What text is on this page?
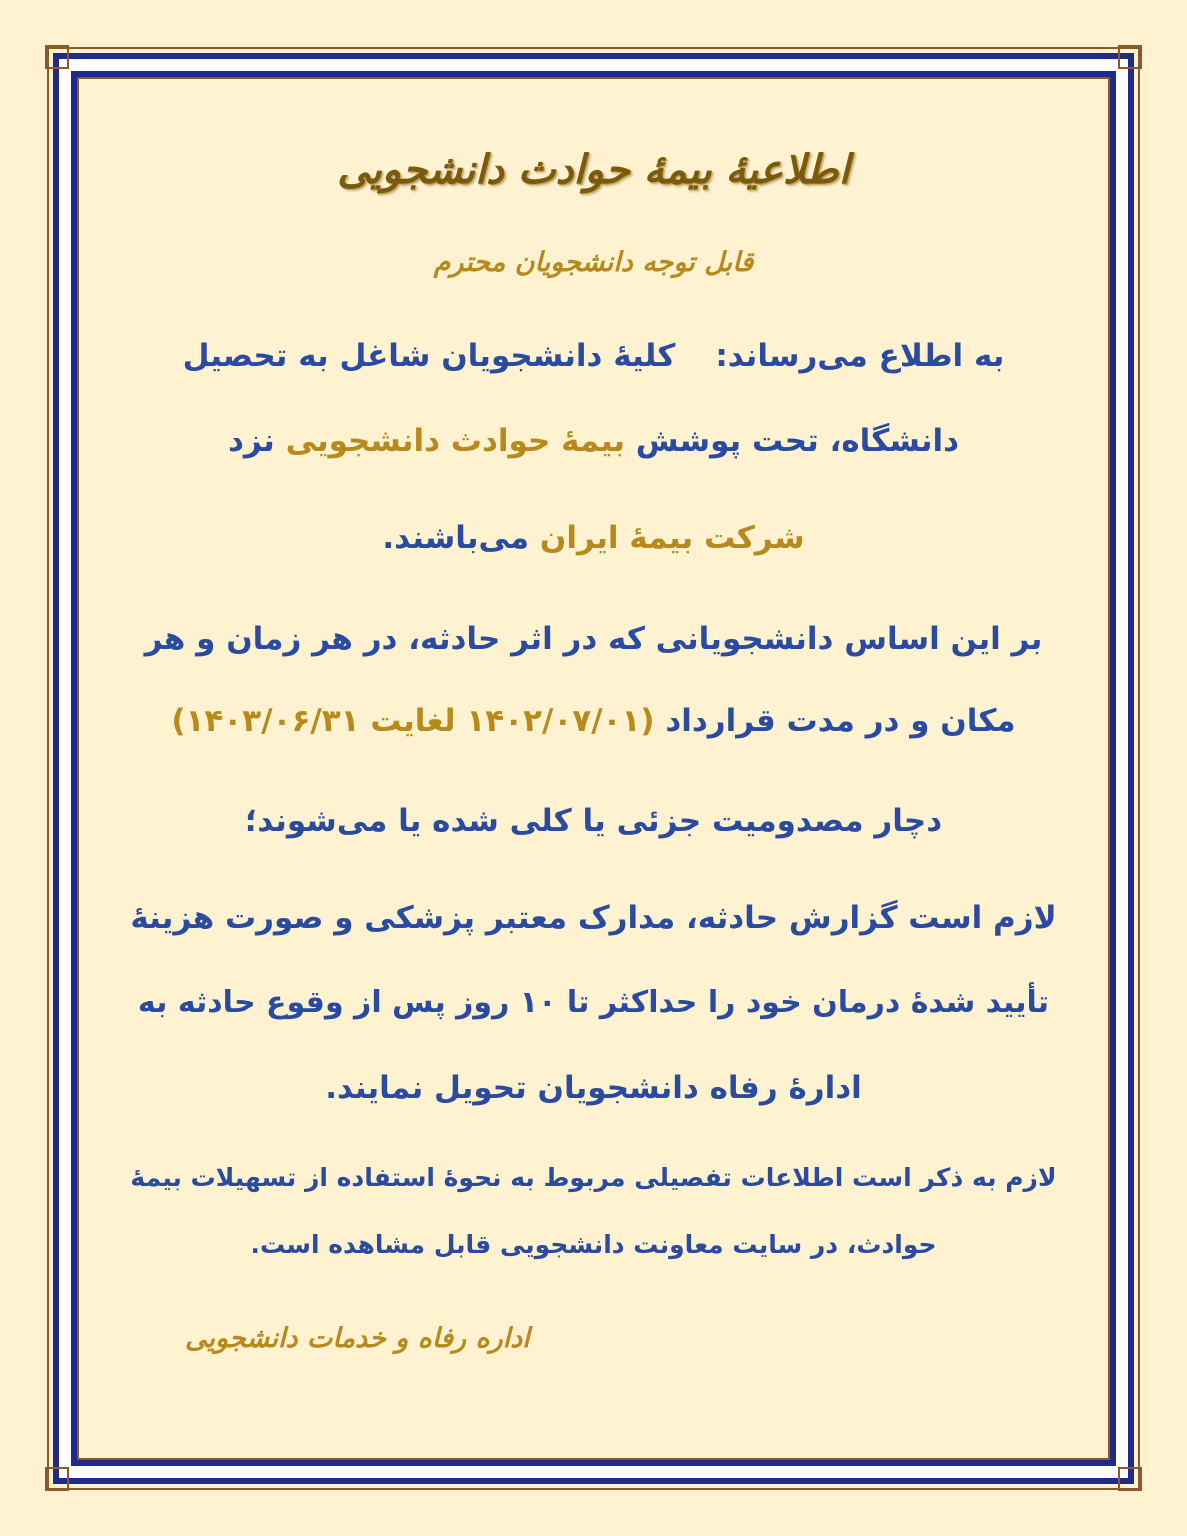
اطلاعیۀ بیمۀ حوادث دانشجویی
قابل توجه دانشجویان محترم
به اطلاع می‌رساند:کلیۀ دانشجویان شاغل به تحصیل
دانشگاه، تحت پوشش بیمۀ حوادث دانشجویی نزد
شرکت بیمۀ ایران می‌باشند.
بر این اساس دانشجویانی که در اثر حادثه، در هر زمان و هر
مکان و در مدت قرارداد (۱۴۰۲/۰۷/۰۱ لغایت ۱۴۰۳/۰۶/۳۱)
دچار مصدومیت جزئی یا کلی شده یا می‌شوند؛
لازم است گزارش حادثه، مدارک معتبر پزشکی و صورت هزینۀ
تأیید شدۀ درمان خود را حداکثر تا ۱۰ روز پس از وقوع حادثه به
ادارۀ رفاه دانشجویان تحویل نمایند.
لازم به ذکر است اطلاعات تفصیلی مربوط به نحوۀ استفاده از تسهیلات بیمۀ
حوادث، در سایت معاونت دانشجویی قابل مشاهده است.
اداره رفاه و خدمات دانشجویی
